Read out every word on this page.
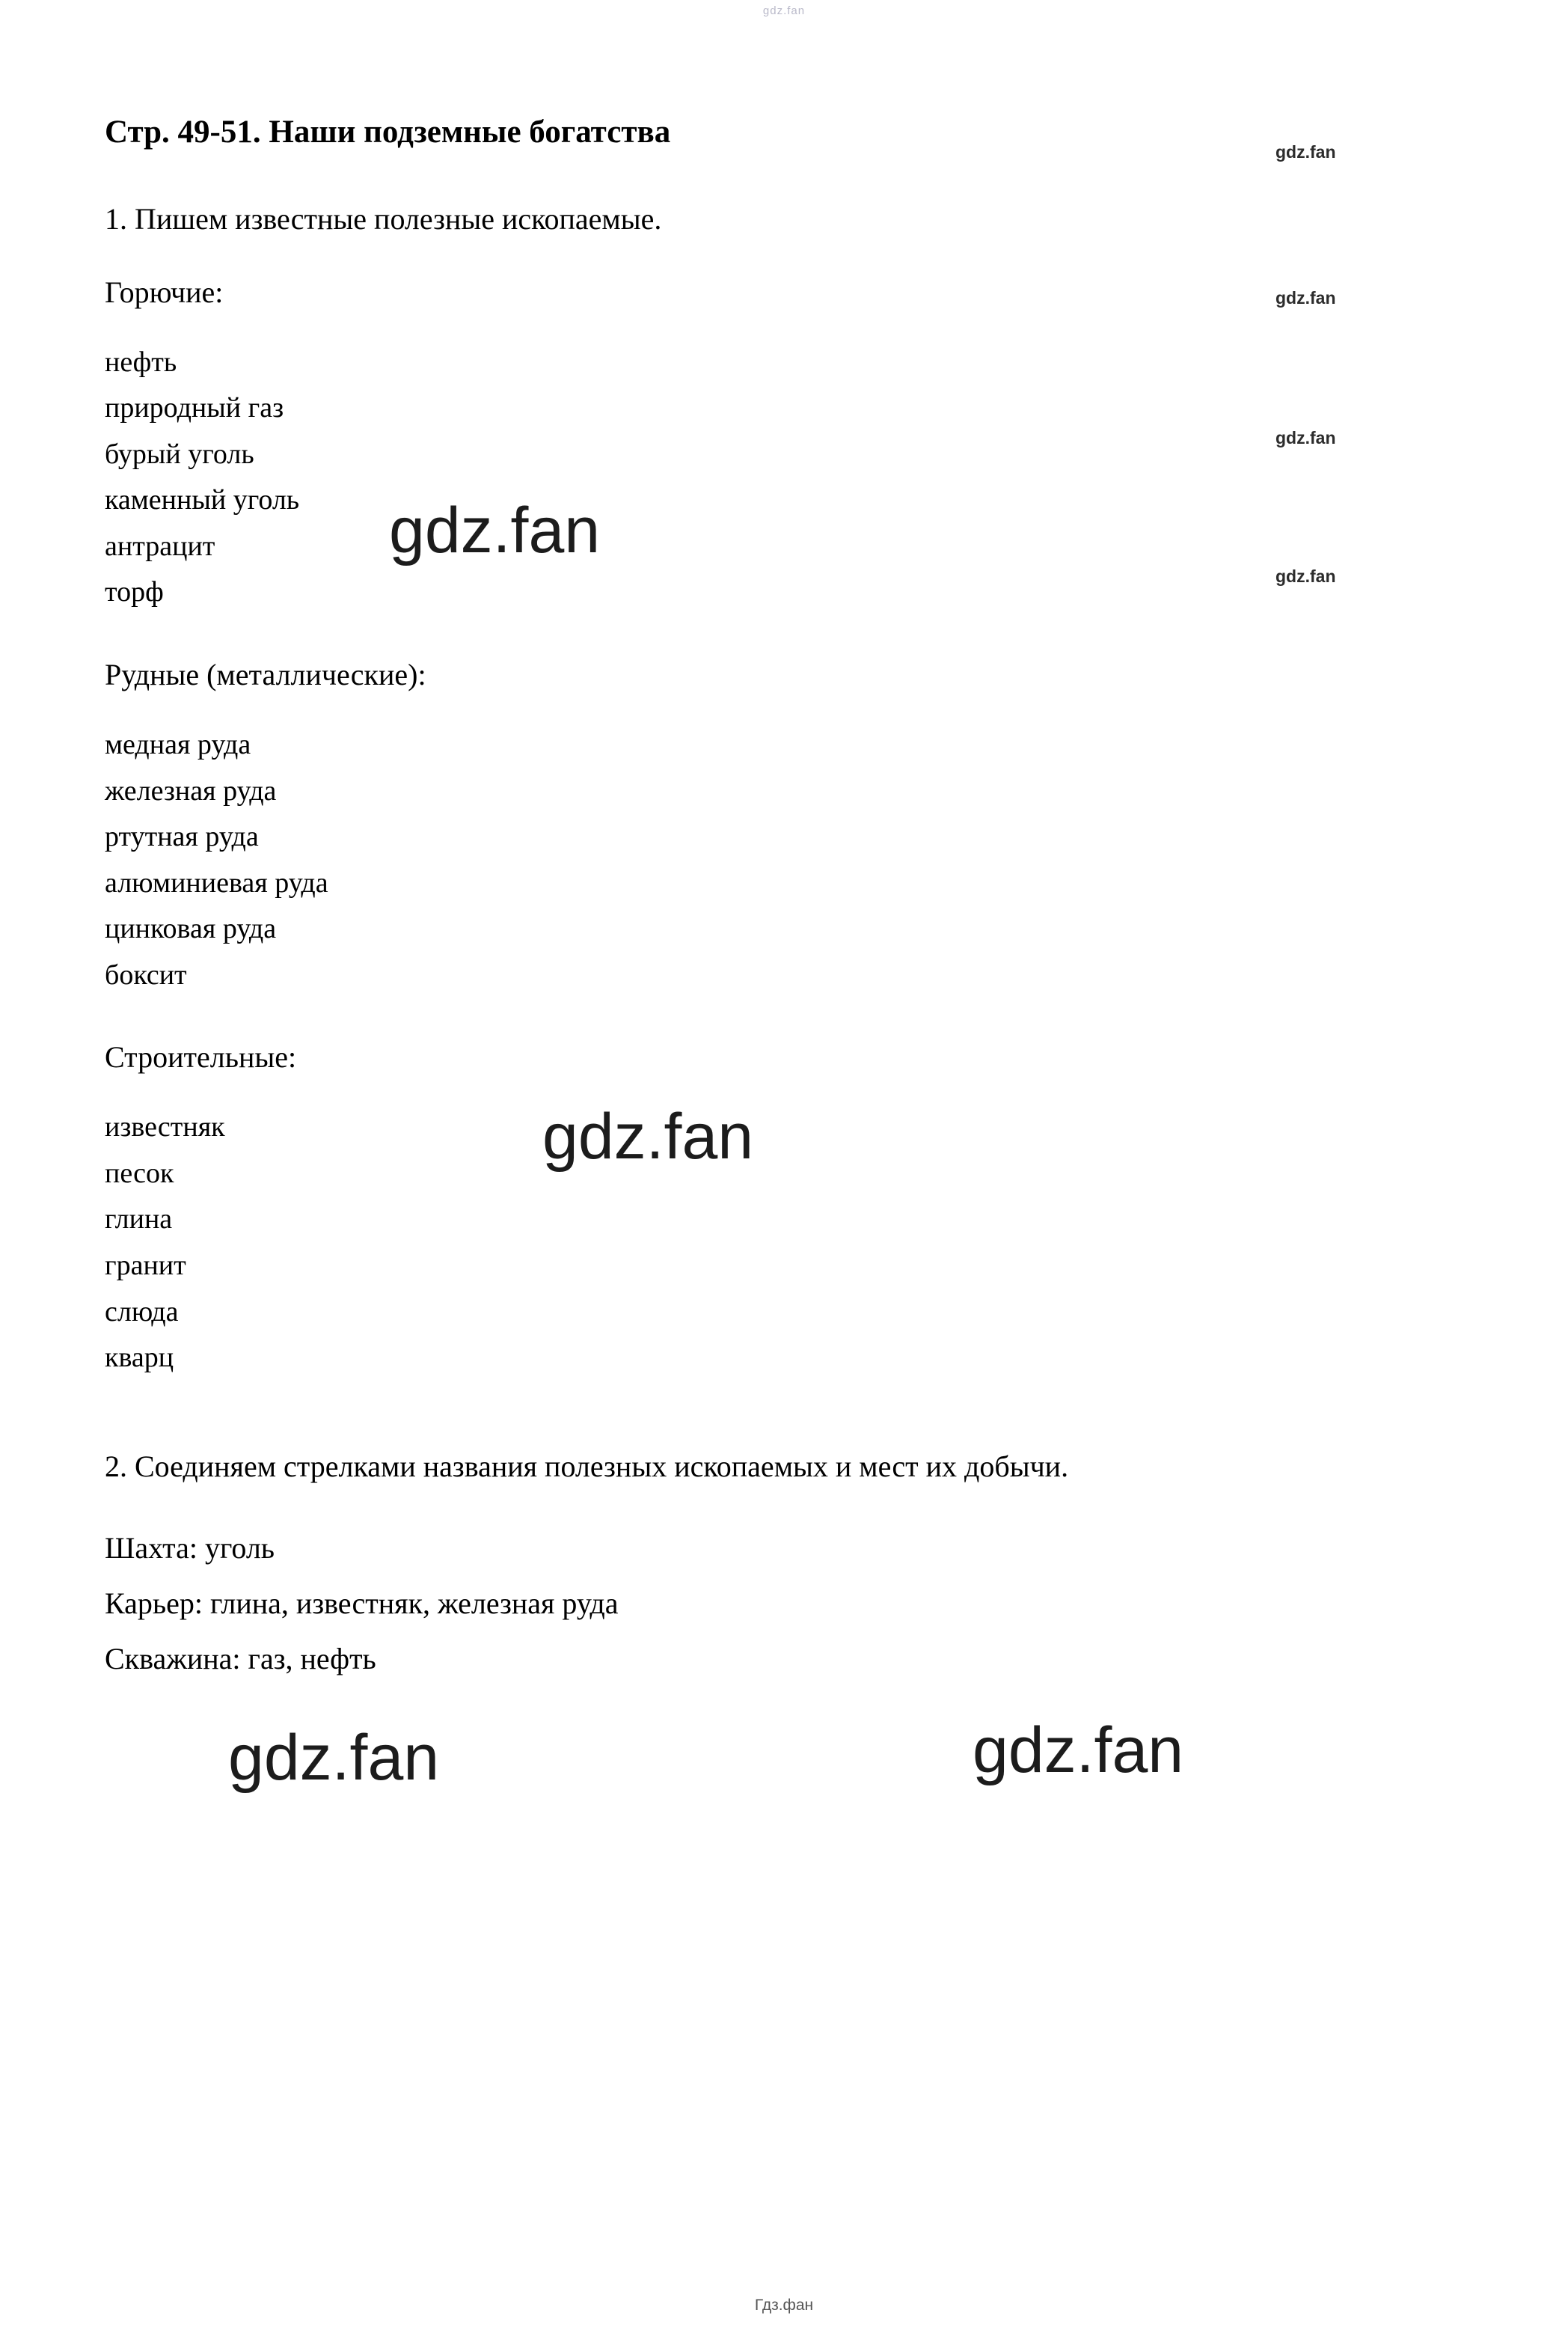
gdz.fan
Стр. 49-51. Наши подземные богатства

1. Пишем известные полезные ископаемые.

Горючие:

нефть
природный газ
бурый уголь
каменный уголь
антрацит
торф

Рудные (металлические):

медная руда
железная руда
ртутная руда
алюминиевая руда
цинковая руда
боксит

Строительные:

известняк
песок
глина
гранит
слюда
кварц

2. Соединяем стрелками названия полезных ископаемых и мест их добычи.

Шахта: уголь

Карьер: глина, известняк, железная руда

Скважина: газ, нефть

gdz.fan
gdz.fan
gdz.fan	gdz.fan
gdz.fan
gdz.fan
gdz.fan
gdz.fan
Гдз.фан
